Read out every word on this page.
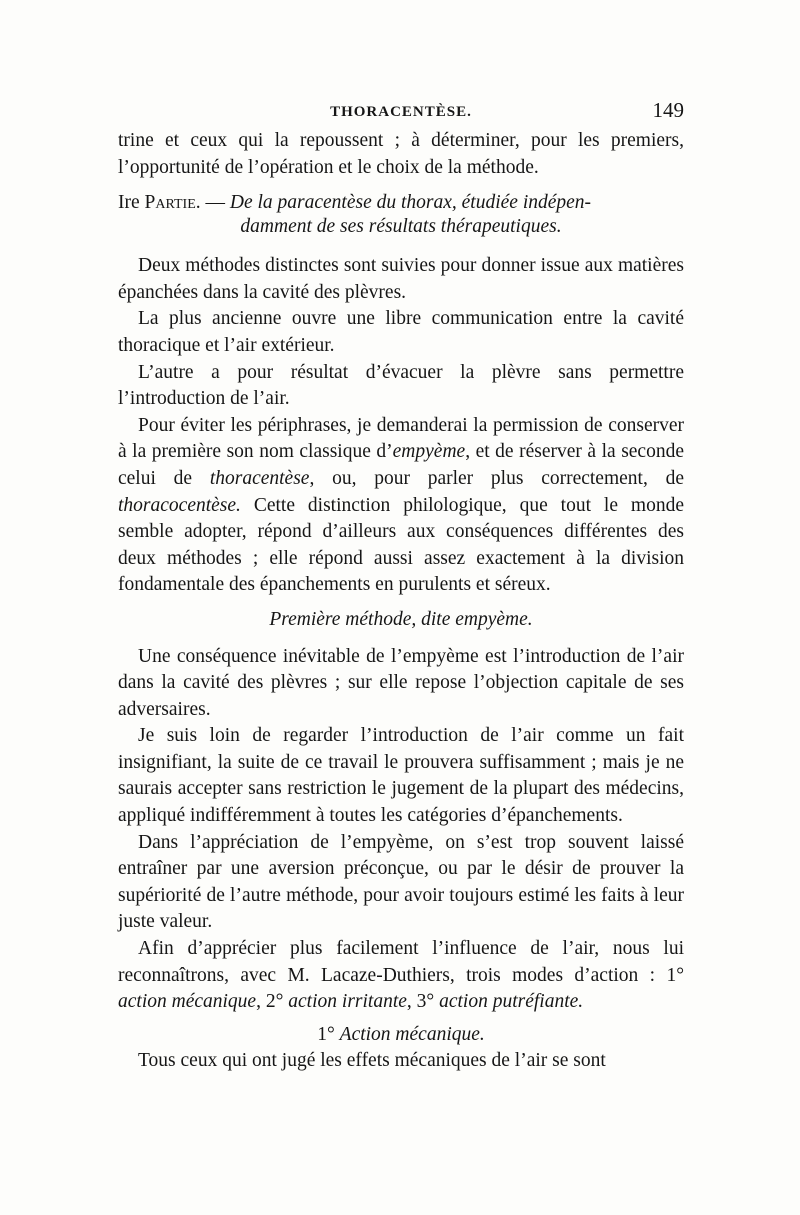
THORACENTÈSE.	149

trine et ceux qui la repoussent ; à déterminer, pour les premiers, l’opportunité de l’opération et le choix de la méthode.

Ire Partie. — De la paracentèse du thorax, étudiée indépen-
damment de ses résultats thérapeutiques.

Deux méthodes distinctes sont suivies pour donner issue aux matières épanchées dans la cavité des plèvres.

La plus ancienne ouvre une libre communication entre la cavité thoracique et l’air extérieur.

L’autre a pour résultat d’évacuer la plèvre sans permettre l’introduction de l’air.

Pour éviter les périphrases, je demanderai la permission de conserver à la première son nom classique d’empyème, et de réserver à la seconde celui de thoracentèse, ou, pour parler plus correctement, de thoracocentèse. Cette distinction philologique, que tout le monde semble adopter, répond d’ailleurs aux conséquences différentes des deux méthodes ; elle répond aussi assez exactement à la division fondamentale des épanchements en purulents et séreux.

Première méthode, dite empyème.

Une conséquence inévitable de l’empyème est l’introduction de l’air dans la cavité des plèvres ; sur elle repose l’objection capitale de ses adversaires.

Je suis loin de regarder l’introduction de l’air comme un fait insignifiant, la suite de ce travail le prouvera suffisamment ; mais je ne saurais accepter sans restriction le jugement de la plupart des médecins, appliqué indifféremment à toutes les catégories d’épanchements.

Dans l’appréciation de l’empyème, on s’est trop souvent laissé entraîner par une aversion préconçue, ou par le désir de prouver la supériorité de l’autre méthode, pour avoir toujours estimé les faits à leur juste valeur.

Afin d’apprécier plus facilement l’influence de l’air, nous lui reconnaîtrons, avec M. Lacaze-Duthiers, trois modes d’action : 1° action mécanique, 2° action irritante, 3° action putréfiante.

1° Action mécanique.

Tous ceux qui ont jugé les effets mécaniques de l’air se sont
